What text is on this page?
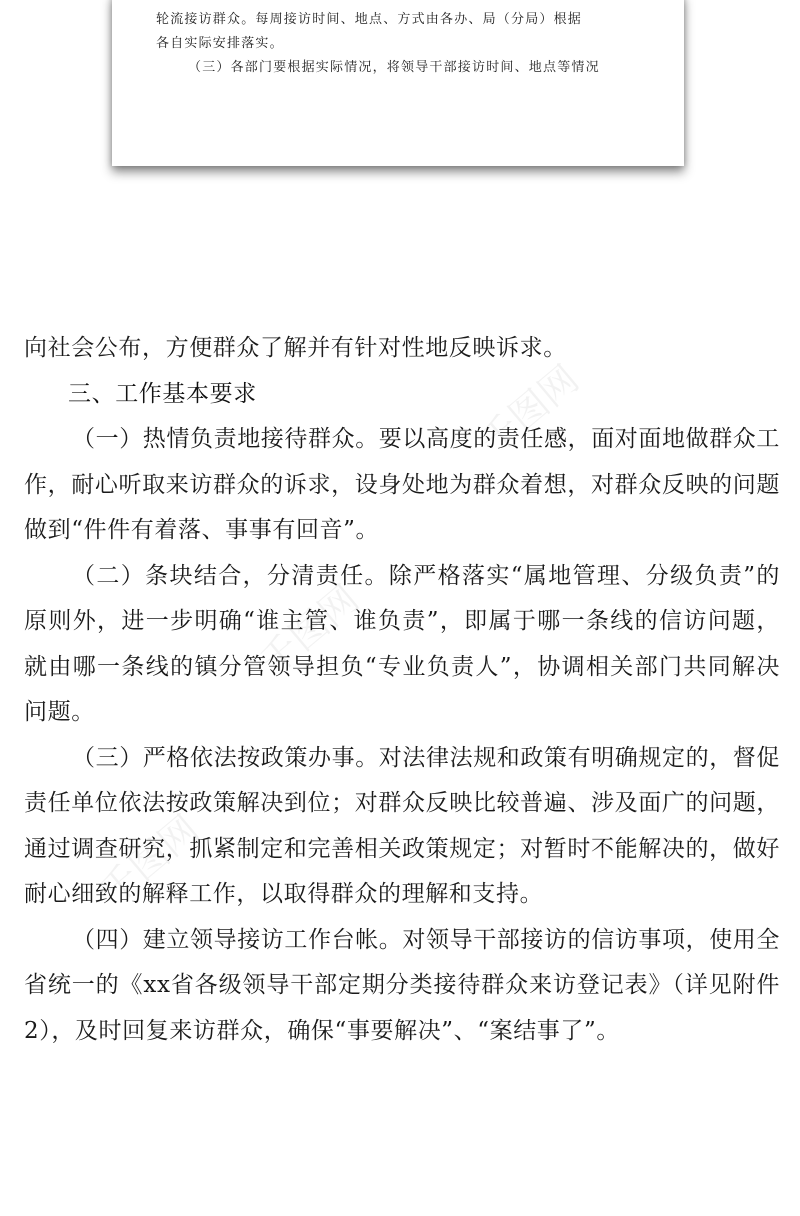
千图网
千图网
千图网

轮流接访群众。每周接访时间、地点、方式由各办、局（分局）根据

各自实际安排落实。

（三）各部门要根据实际情况，将领导干部接访时间、地点等情况

向社会公布，方便群众了解并有针对性地反映诉求。

三、工作基本要求

（一）热情负责地接待群众。要以高度的责任感，面对面地做群众工作，耐心听取来访群众的诉求，设身处地为群众着想，对群众反映的问题做到“件件有着落、事事有回音”。

（二）条块结合，分清责任。除严格落实“属地管理、分级负责”的原则外，进一步明确“谁主管、谁负责”，即属于哪一条线的信访问题，就由哪一条线的镇分管领导担负“专业负责人”，协调相关部门共同解决问题。

（三）严格依法按政策办事。对法律法规和政策有明确规定的，督促责任单位依法按政策解决到位；对群众反映比较普遍、涉及面广的问题，通过调查研究，抓紧制定和完善相关政策规定；对暂时不能解决的，做好耐心细致的解释工作，以取得群众的理解和支持。

（四）建立领导接访工作台帐。对领导干部接访的信访事项，使用全省统一的《xx省各级领导干部定期分类接待群众来访登记表》（详见附件2），及时回复来访群众，确保“事要解决”、“案结事了”。
